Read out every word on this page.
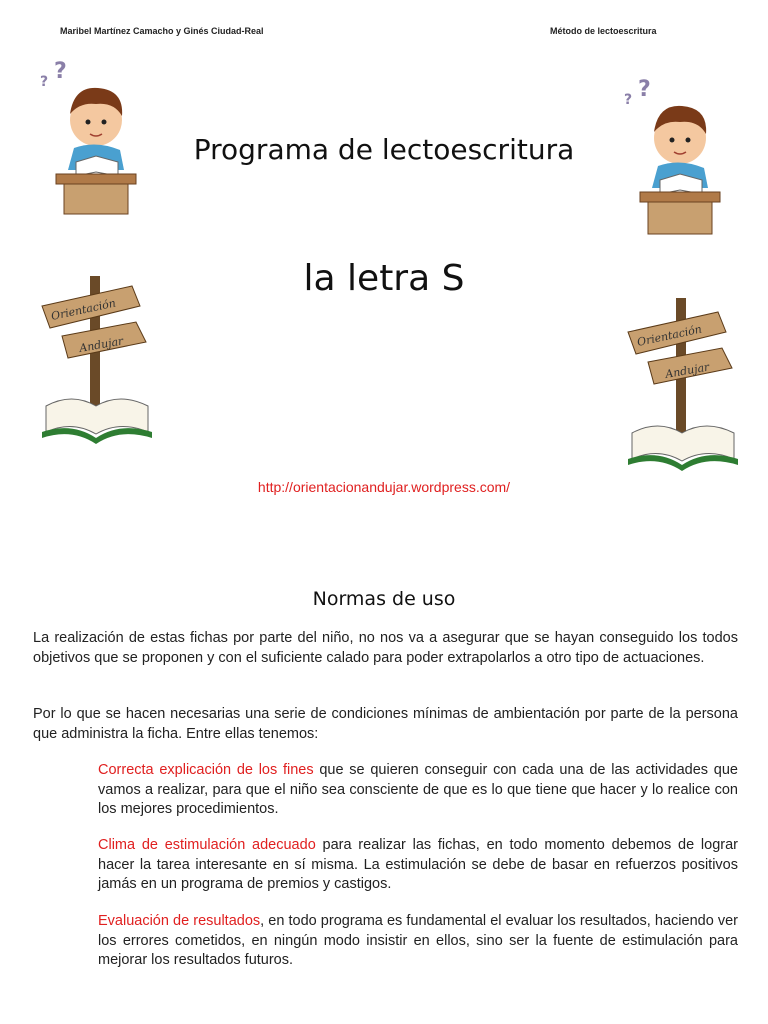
Maribel Martínez Camacho y Ginés Ciudad-Real	Método de lectoescritura
? ?
? ?
Orientación
Andujar	Orientación
Andujar
Programa de lectoescritura
la letra S
http://orientacionandujar.wordpress.com/
Normas de uso
La realización de estas fichas por parte del niño, no nos va a asegurar que se hayan conseguido los todos objetivos que se proponen y con el suficiente calado para poder extrapolarlos a otro tipo de actuaciones.
Por lo que se hacen necesarias una serie de condiciones mínimas de ambientación por parte de la persona que administra la ficha. Entre ellas tenemos:
Correcta explicación de los fines que se quieren conseguir con cada una de las actividades que vamos a realizar, para que el niño sea consciente de que es lo que tiene que hacer y lo realice con los mejores procedimientos.
Clima de estimulación adecuado para realizar las fichas, en todo momento debemos de lograr hacer la tarea interesante en sí misma. La estimulación se debe de basar en refuerzos positivos jamás en un programa de premios y castigos.
Evaluación de resultados, en todo programa es fundamental el evaluar los resultados, haciendo ver los errores cometidos, en ningún modo insistir en ellos, sino ser la fuente de estimulación para mejorar los resultados futuros.
